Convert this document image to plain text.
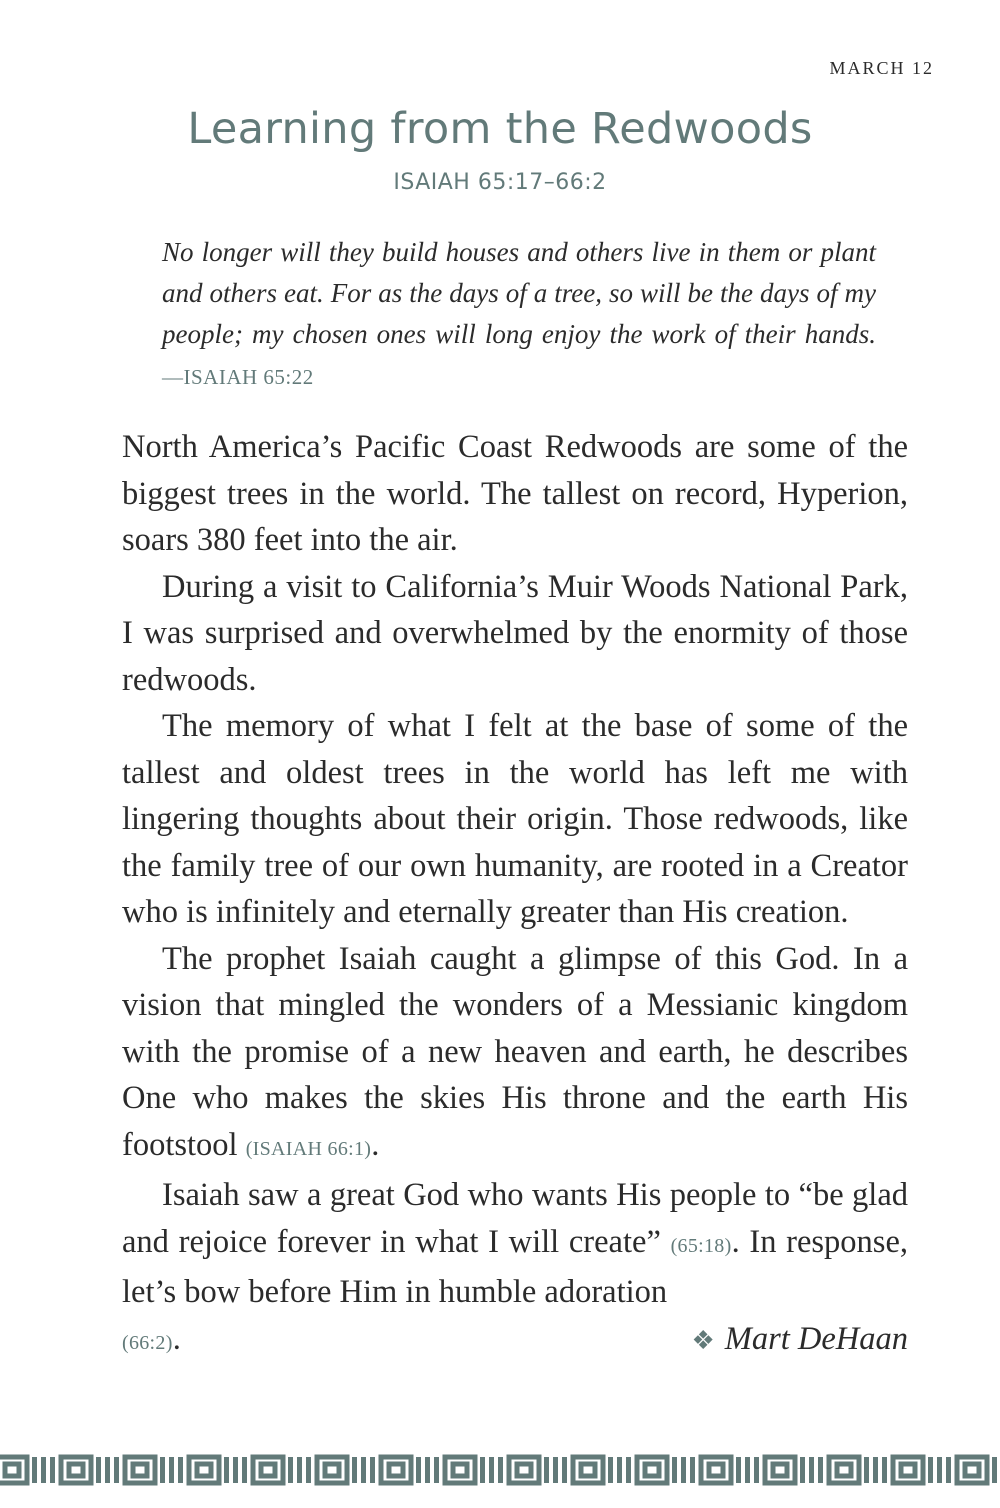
MARCH 12
Learning from the Redwoods
ISAIAH 65:17–66:2
No longer will they build houses and others live in them or plant and others eat. For as the days of a tree, so will be the days of my people; my chosen ones will long enjoy the work of their hands. —ISAIAH 65:22

North America’s Pacific Coast Redwoods are some of the biggest trees in the world. The tallest on record, Hyperion, soars 380 feet into the air.

During a visit to California’s Muir Woods National Park, I was surprised and overwhelmed by the enormity of those redwoods.

The memory of what I felt at the base of some of the tallest and oldest trees in the world has left me with lingering thoughts about their origin. Those redwoods, like the family tree of our own humanity, are rooted in a Creator who is infinitely and eternally greater than His creation.

The prophet Isaiah caught a glimpse of this God. In a vision that mingled the wonders of a Messianic kingdom with the promise of a new heaven and earth, he describes One who makes the skies His throne and the earth His footstool (ISAIAH 66:1).

Isaiah saw a great God who wants His people to “be glad and rejoice forever in what I will create” (65:18). In response, let’s bow before Him in humble adoration

(66:2).	❖ Mart DeHaan
